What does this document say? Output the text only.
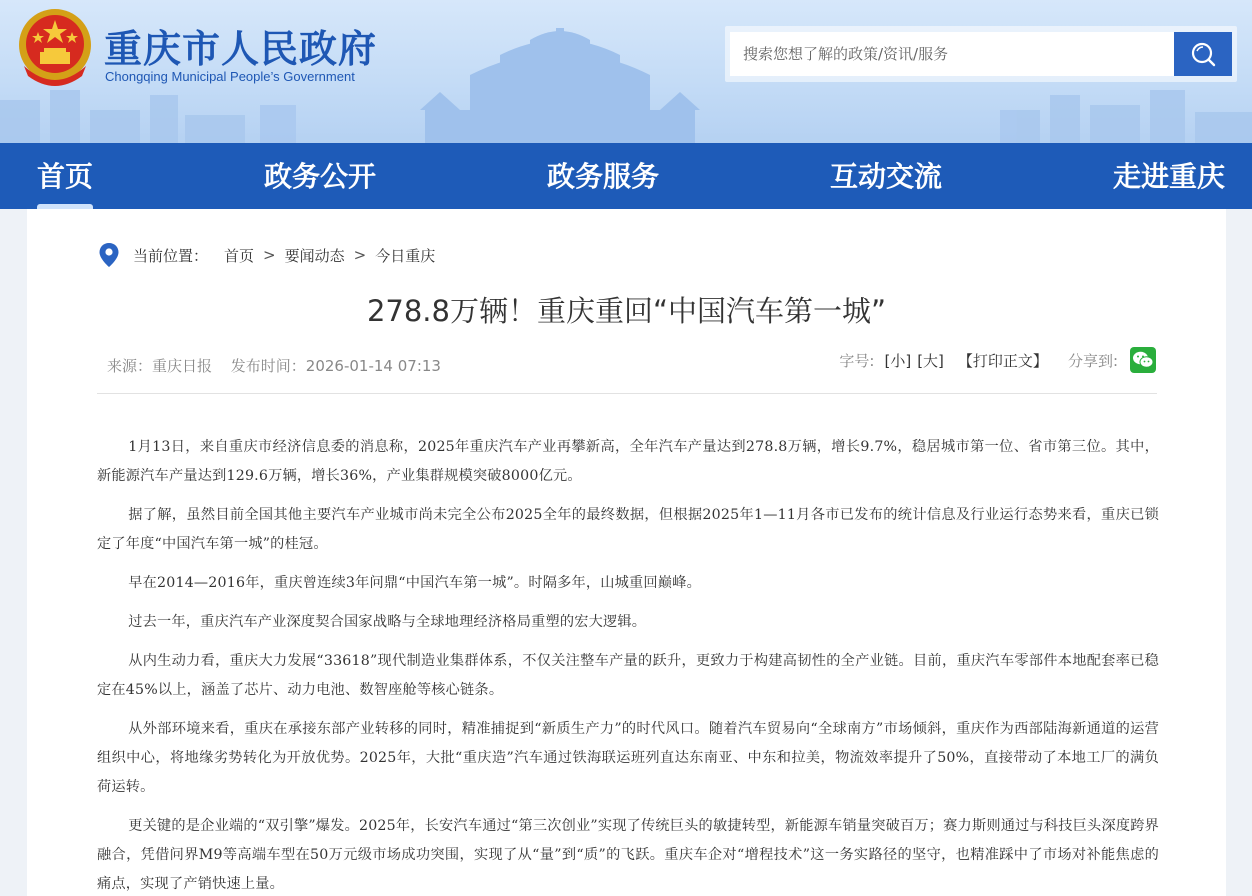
重庆市人民政府
Chongqing Municipal People’s Government
搜索您想了解的政策/资讯/服务
首页	政务公开	政务服务	互动交流	走进重庆
当前位置： 首页 > 要闻动态 > 今日重庆
278.8万辆！重庆重回“中国汽车第一城”
来源：重庆日报 发布时间：2026-01-14 07:13	字号: [小] [大] 【打印正文】 分享到:

1月13日，来自重庆市经济信息委的消息称，2025年重庆汽车产业再攀新高，全年汽车产量达到278.8万辆，增长9.7%，稳居城市第一位、省市第三位。其中，新能源汽车产量达到129.6万辆，增长36%，产业集群规模突破8000亿元。

据了解，虽然目前全国其他主要汽车产业城市尚未完全公布2025全年的最终数据，但根据2025年1—11月各市已发布的统计信息及行业运行态势来看，重庆已锁定了年度“中国汽车第一城”的桂冠。

早在2014—2016年，重庆曾连续3年问鼎“中国汽车第一城”。时隔多年，山城重回巅峰。

过去一年，重庆汽车产业深度契合国家战略与全球地理经济格局重塑的宏大逻辑。

从内生动力看，重庆大力发展“33618”现代制造业集群体系，不仅关注整车产量的跃升，更致力于构建高韧性的全产业链。目前，重庆汽车零部件本地配套率已稳定在45%以上，涵盖了芯片、动力电池、数智座舱等核心链条。

从外部环境来看，重庆在承接东部产业转移的同时，精准捕捉到“新质生产力”的时代风口。随着汽车贸易向“全球南方”市场倾斜，重庆作为西部陆海新通道的运营组织中心，将地缘劣势转化为开放优势。2025年，大批“重庆造”汽车通过铁海联运班列直达东南亚、中东和拉美，物流效率提升了50%，直接带动了本地工厂的满负荷运转。

更关键的是企业端的“双引擎”爆发。2025年，长安汽车通过“第三次创业”实现了传统巨头的敏捷转型，新能源车销量突破百万；赛力斯则通过与科技巨头深度跨界融合，凭借问界M9等高端车型在50万元级市场成功突围，实现了从“量”到“质”的飞跃。重庆车企对“增程技术”这一务实路径的坚守，也精准踩中了市场对补能焦虑的痛点，实现了产销快速上量。
